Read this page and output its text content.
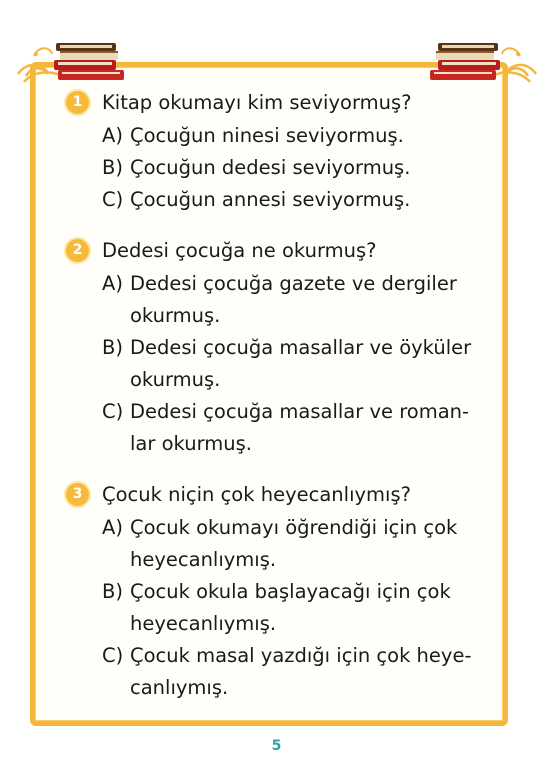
1	Kitap okumayı kim seviyormuş?
A) Çocuğun ninesi seviyormuş.
B) Çocuğun dedesi seviyormuş.
C) Çocuğun annesi seviyormuş.
2	Dedesi çocuğa ne okurmuş?
A) Dedesi çocuğa gazete ve dergiler
okurmuş.
B) Dedesi çocuğa masallar ve öyküler
okurmuş.
C) Dedesi çocuğa masallar ve roman-
lar okurmuş.
3	Çocuk niçin çok heyecanlıymış?
A) Çocuk okumayı öğrendiği için çok
heyecanlıymış.
B) Çocuk okula başlayacağı için çok
heyecanlıymış.
C) Çocuk masal yazdığı için çok heye-
canlıymış.
5
